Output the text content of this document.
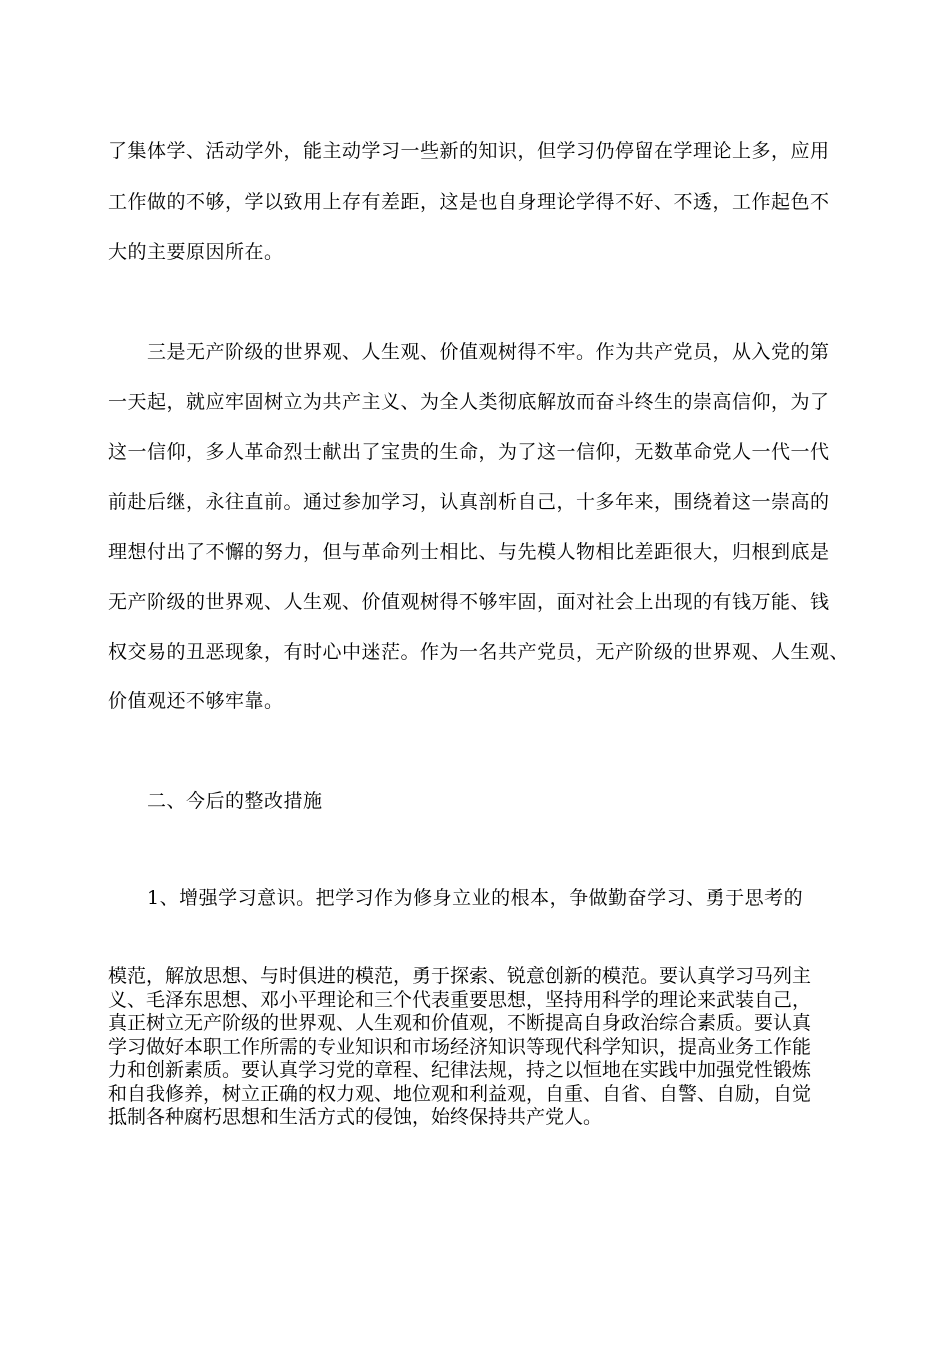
了集体学、活动学外，能主动学习一些新的知识，但学习仍停留在学理论上多，应用
工作做的不够，学以致用上存有差距，这是也自身理论学得不好、不透，工作起色不
大的主要原因所在。
三是无产阶级的世界观、人生观、价值观树得不牢。作为共产党员，从入党的第
一天起，就应牢固树立为共产主义、为全人类彻底解放而奋斗终生的崇高信仰，为了
这一信仰，多人革命烈士献出了宝贵的生命，为了这一信仰，无数革命党人一代一代
前赴后继，永往直前。通过参加学习，认真剖析自己，十多年来，围绕着这一崇高的
理想付出了不懈的努力，但与革命列士相比、与先模人物相比差距很大，归根到底是
无产阶级的世界观、人生观、价值观树得不够牢固，面对社会上出现的有钱万能、钱
权交易的丑恶现象，有时心中迷茫。作为一名共产党员，无产阶级的世界观、人生观、
价值观还不够牢靠。
二、今后的整改措施
1、增强学习意识。把学习作为修身立业的根本，争做勤奋学习、勇于思考的
模范，解放思想、与时俱进的模范，勇于探索、锐意创新的模范。要认真学习马列主
义、毛泽东思想、邓小平理论和三个代表重要思想，坚持用科学的理论来武装自己，
真正树立无产阶级的世界观、人生观和价值观，不断提高自身政治综合素质。要认真
学习做好本职工作所需的专业知识和市场经济知识等现代科学知识，提高业务工作能
力和创新素质。要认真学习党的章程、纪律法规，持之以恒地在实践中加强党性锻炼
和自我修养，树立正确的权力观、地位观和利益观，自重、自省、自警、自励，自觉
抵制各种腐朽思想和生活方式的侵蚀，始终保持共产党人。
